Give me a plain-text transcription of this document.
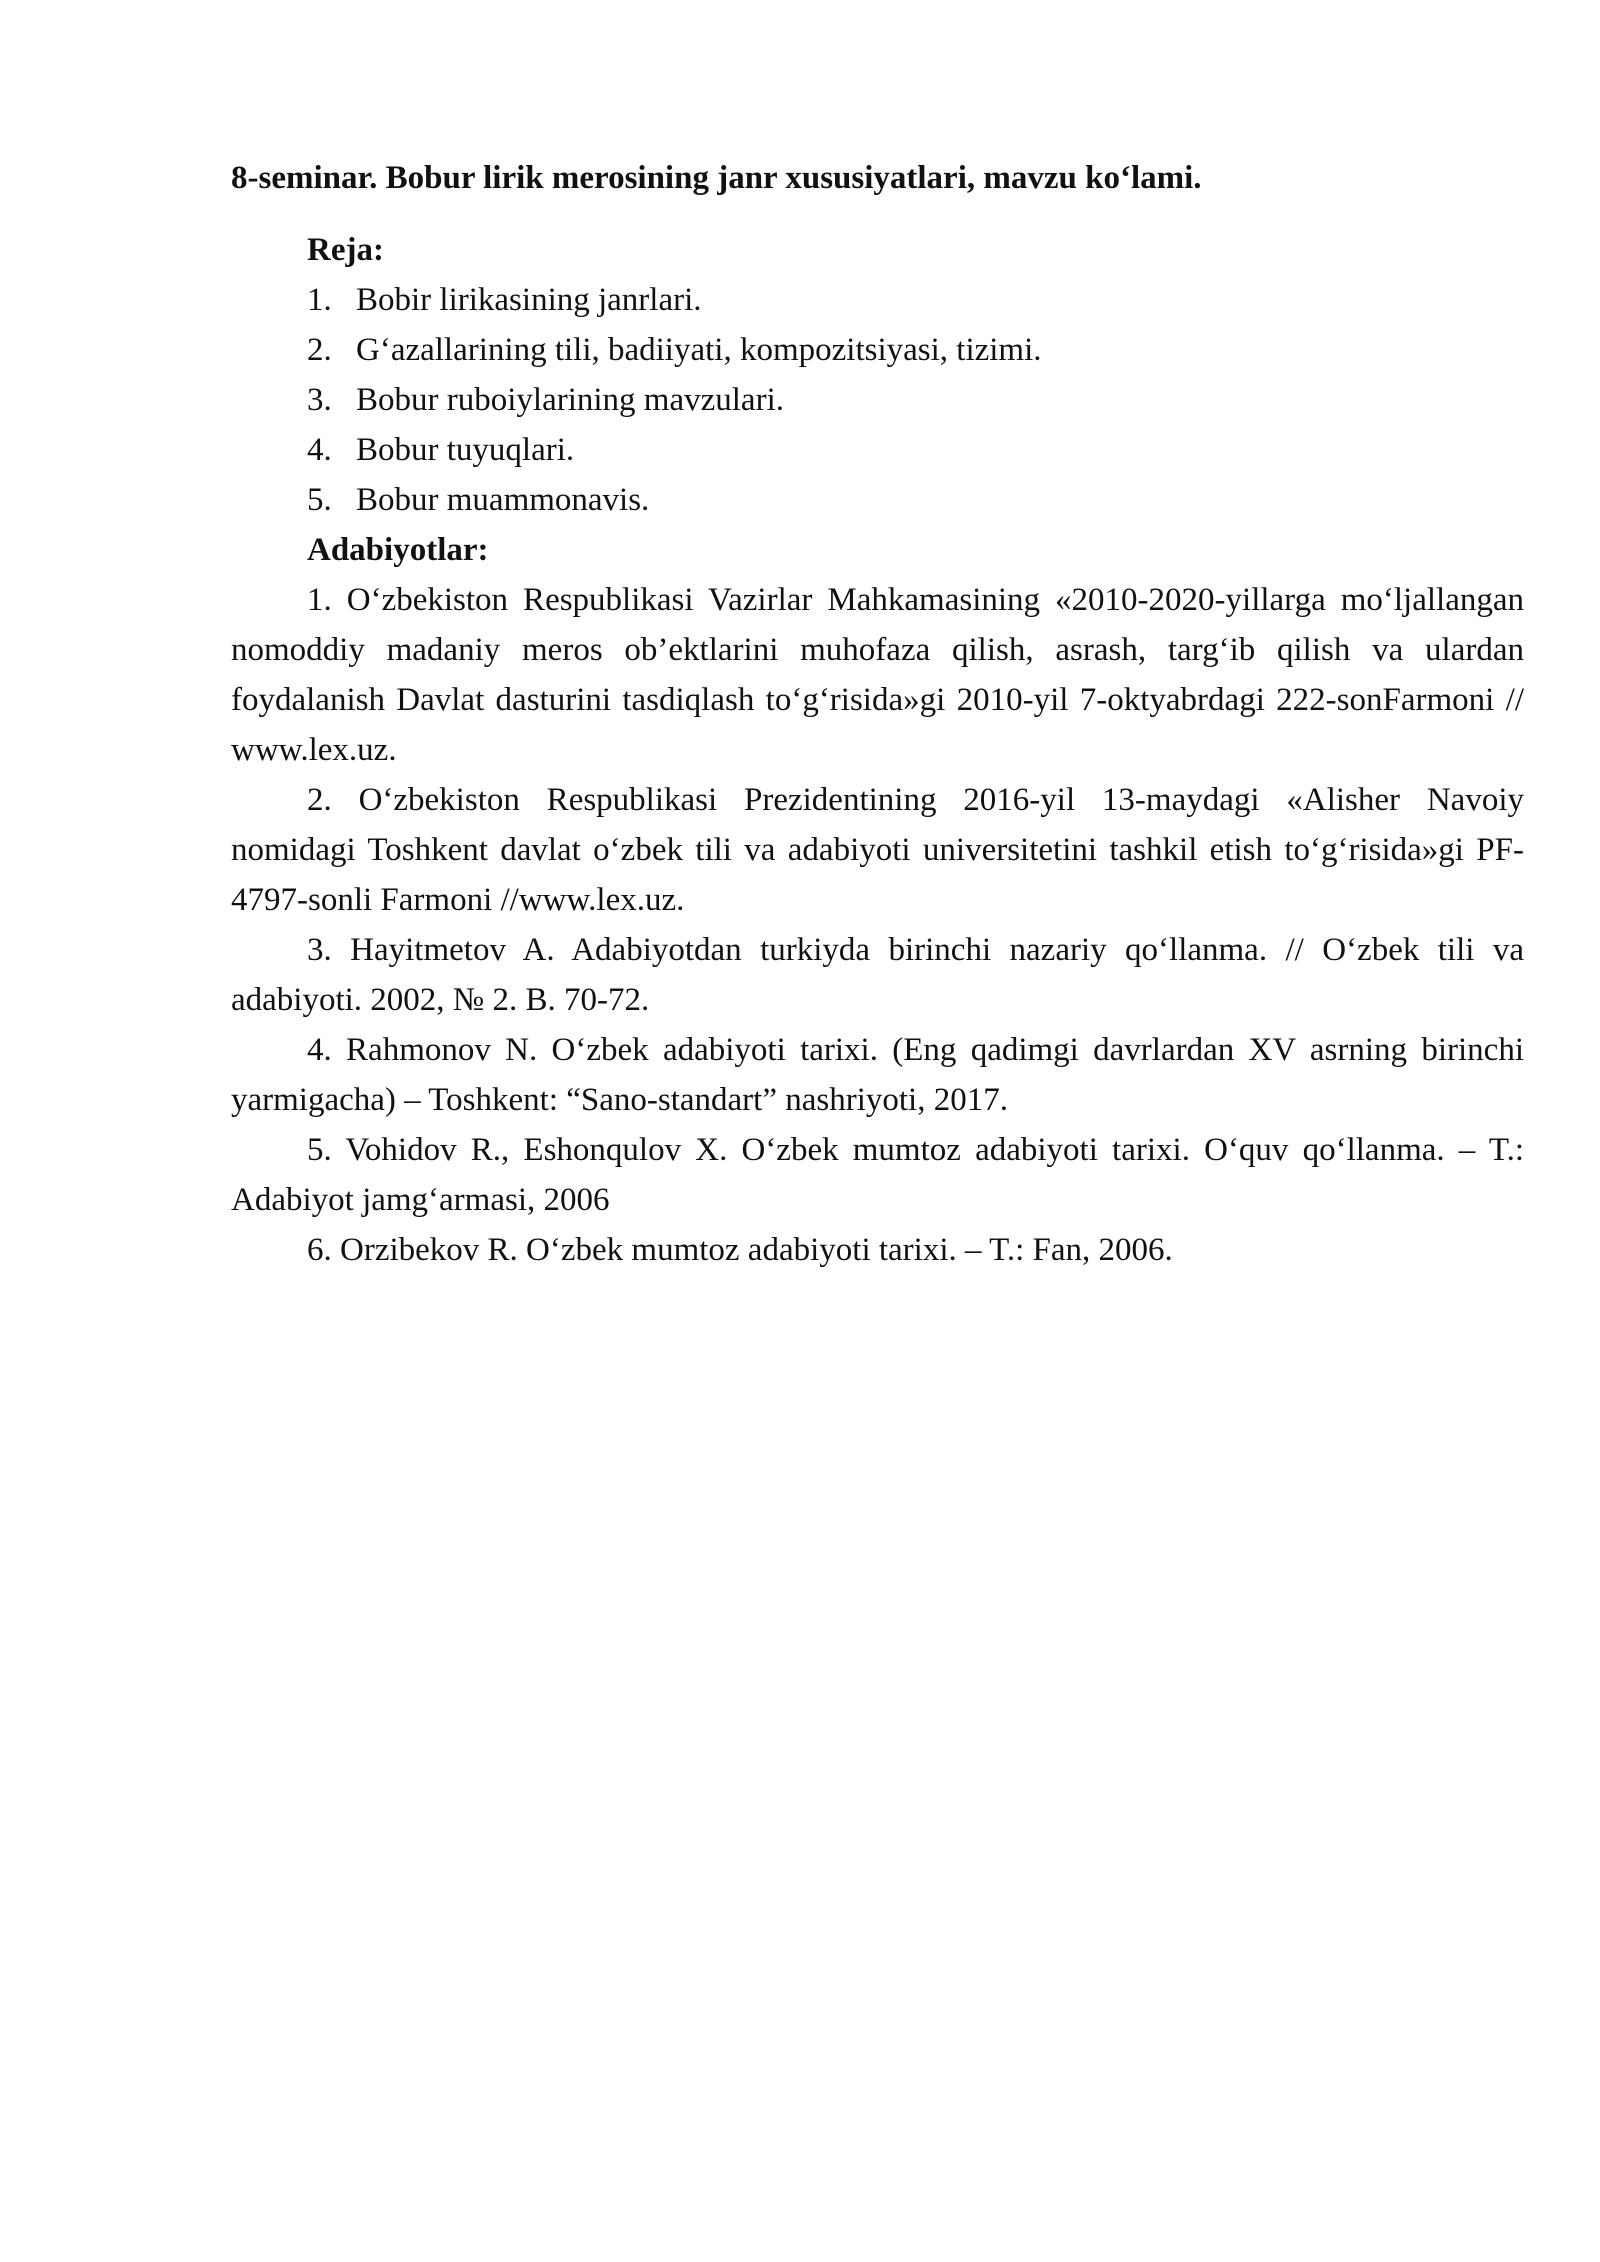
8-seminar. Bobur lirik merosining janr xususiyatlari, mavzu ko‘lami.

Reja:

1. Bobir lirikasining janrlari.
2. G‘azallarining tili, badiiyati, kompozitsiyasi, tizimi.
3. Bobur ruboiylarining mavzulari.
4. Bobur tuyuqlari.
5. Bobur muammonavis.

Adabiyotlar:

1. O‘zbekiston Respublikasi Vazirlar Mahkamasining «2010-2020-yillarga mo‘ljallangan nomoddiy madaniy meros ob’ektlarini muhofaza qilish, asrash, targ‘ib qilish va ulardan foydalanish Davlat dasturini tasdiqlash to‘g‘risida»gi 2010-yil 7-oktyabrdagi 222-sonFarmoni // www.lex.uz.

2. O‘zbekiston Respublikasi Prezidentining 2016-yil 13-maydagi «Alisher Navoiy nomidagi Toshkent davlat o‘zbek tili va adabiyoti universitetini tashkil etish to‘g‘risida»gi PF-4797-sonli Farmoni //www.lex.uz.

3. Hayitmetov A. Adabiyotdan turkiyda birinchi nazariy qo‘llanma. // O‘zbek tili va adabiyoti. 2002, № 2. B. 70-72.

4. Rahmonov N. O‘zbek adabiyoti tarixi. (Eng qadimgi davrlardan XV asrning birinchi yarmigacha) – Toshkent: “Sano-standart” nashriyoti, 2017.

5. Vohidov R., Eshonqulov X. O‘zbek mumtoz adabiyoti tarixi. O‘quv qo‘llanma. – T.: Adabiyot jamg‘armasi, 2006

6. Orzibekov R. O‘zbek mumtoz adabiyoti tarixi. – T.: Fan, 2006.
